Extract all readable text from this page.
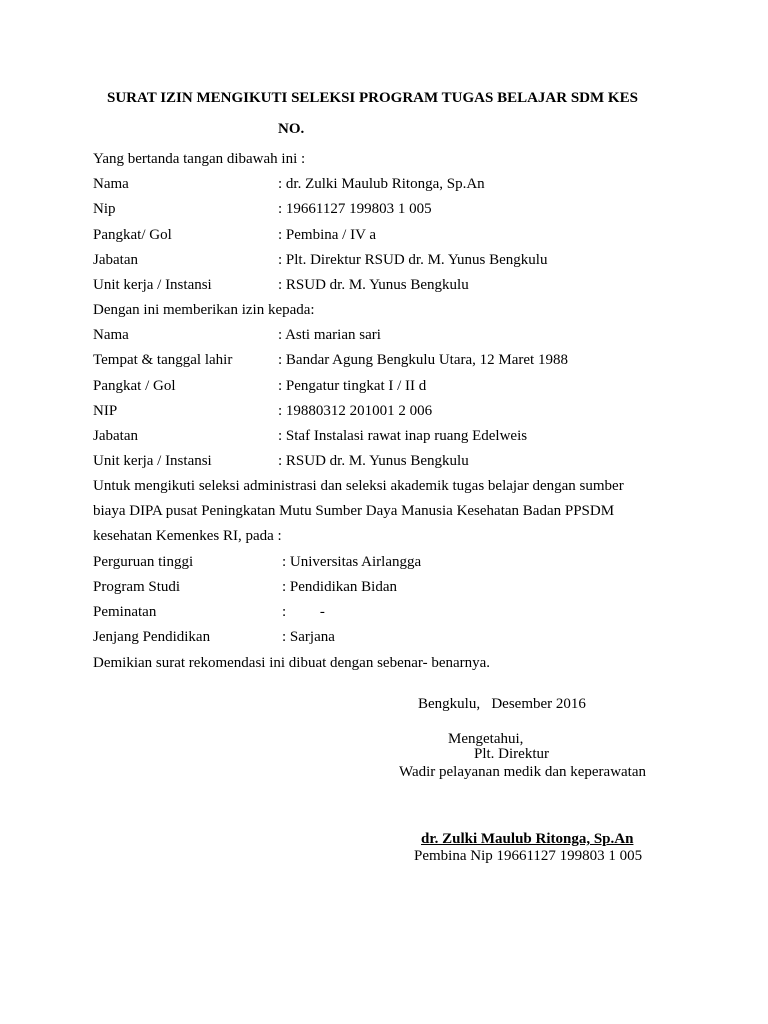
SURAT IZIN MENGIKUTI SELEKSI PROGRAM TUGAS BELAJAR SDM KES
NO.
Yang bertanda tangan dibawah ini :
Nama	: dr. Zulki Maulub Ritonga, Sp.An
Nip	: 19661127 199803 1 005
Pangkat/ Gol	: Pembina / IV a
Jabatan	: Plt. Direktur RSUD dr. M. Yunus Bengkulu
Unit kerja / Instansi	: RSUD dr. M. Yunus Bengkulu
Dengan ini memberikan izin kepada:
Nama	: Asti marian sari
Tempat & tanggal lahir	: Bandar Agung Bengkulu Utara, 12 Maret 1988
Pangkat / Gol	: Pengatur tingkat I / II d
NIP	: 19880312 201001 2 006
Jabatan	: Staf Instalasi rawat inap ruang Edelweis
Unit kerja / Instansi	: RSUD dr. M. Yunus Bengkulu
Untuk mengikuti seleksi administrasi dan seleksi akademik tugas belajar dengan sumber
biaya DIPA pusat Peningkatan Mutu Sumber Daya Manusia Kesehatan Badan PPSDM
kesehatan Kemenkes RI, pada :
Perguruan tinggi	: Universitas Airlangga
Program Studi	: Pendidikan Bidan
Peminatan	:         -
Jenjang Pendidikan	: Sarjana
Demikian surat rekomendasi ini dibuat dengan sebenar- benarnya.
Bengkulu,   Desember 2016
Mengetahui,
Plt. Direktur
Wadir pelayanan medik dan keperawatan
dr. Zulki Maulub Ritonga, Sp.An
Pembina Nip 19661127 199803 1 005
